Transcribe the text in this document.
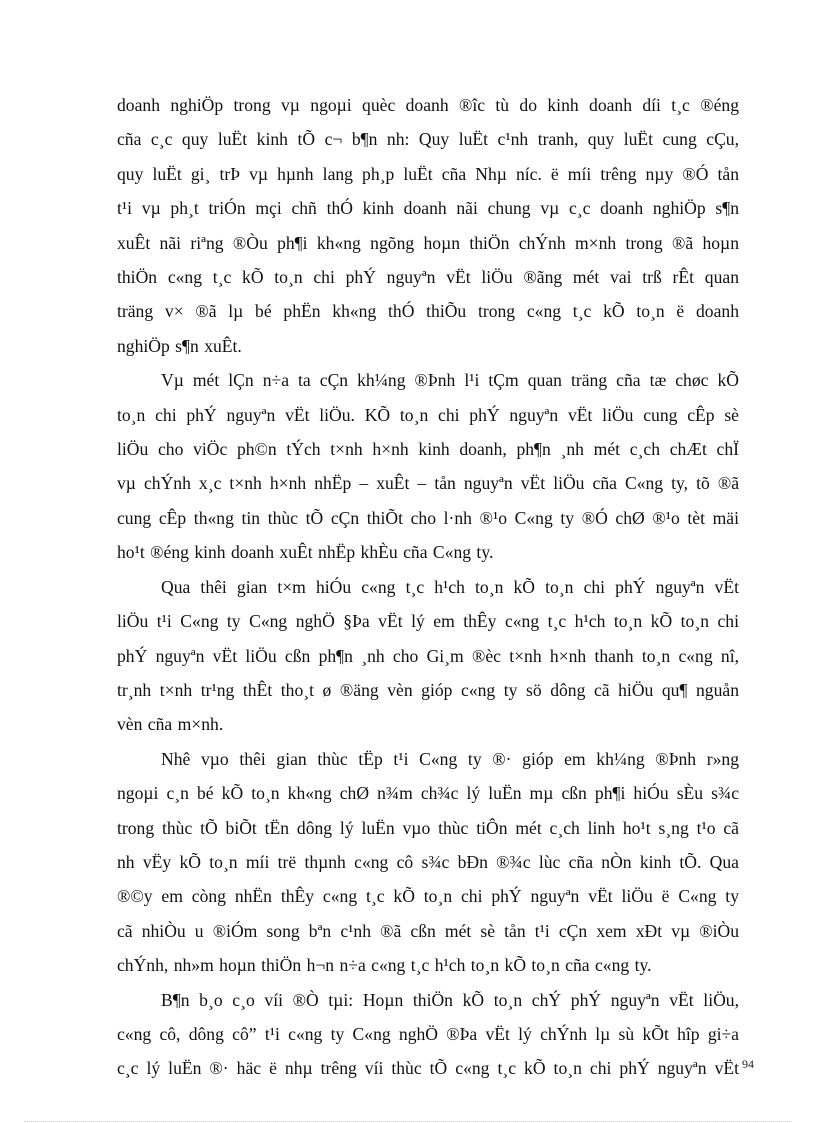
doanh nghiÖp trong vµ ngoµi quèc doanh ®îc tù do kinh doanh díi t¸c ®éng
cña c¸c quy luËt kinh tÕ c¬ b¶n nh: Quy luËt c¹nh tranh, quy luËt cung cÇu,
quy luËt gi¸ trÞ vµ hµnh lang ph¸p luËt cña Nhµ níc. ë míi trêng nµy ®Ó tån
t¹i vµ ph¸t triÓn mçi chñ thÓ kinh doanh nãi chung vµ c¸c doanh nghiÖp s¶n
xuÊt nãi riªng ®Òu ph¶i kh«ng ngõng hoµn thiÖn chÝnh m×nh trong ®ã hoµn
thiÖn c«ng t¸c kÕ to¸n chi phÝ nguyªn vËt liÖu ®ãng mét vai trß rÊt quan
träng v× ®ã lµ bé phËn kh«ng thÓ thiÕu trong c«ng t¸c kÕ to¸n ë doanh
nghiÖp s¶n xuÊt.
Vµ mét lÇn n÷a ta cÇn kh¼ng ®Þnh l¹i tÇm quan träng cña tæ chøc kÕ
to¸n chi phÝ nguyªn vËt liÖu. KÕ to¸n chi phÝ nguyªn vËt liÖu cung cÊp sè
liÖu cho viÖc ph©n tÝch t×nh h×nh kinh doanh, ph¶n ¸nh mét c¸ch chÆt chÏ
vµ chÝnh x¸c t×nh h×nh nhËp – xuÊt – tån nguyªn vËt liÖu cña C«ng ty, tõ ®ã
cung cÊp th«ng tin thùc tÕ cÇn thiÕt cho l·nh ®¹o C«ng ty ®Ó chØ ®¹o tèt mäi
ho¹t ®éng kinh doanh xuÊt nhËp khÈu cña C«ng ty.
Qua thêi gian t×m hiÓu c«ng t¸c h¹ch to¸n kÕ to¸n chi phÝ nguyªn vËt
liÖu t¹i C«ng ty C«ng nghÖ §Þa vËt lý em thÊy c«ng t¸c h¹ch to¸n kÕ to¸n chi
phÝ nguyªn vËt liÖu cßn ph¶n ¸nh cho Gi¸m ®èc t×nh h×nh thanh to¸n c«ng nî,
tr¸nh t×nh tr¹ng thÊt tho¸t ø ®äng vèn gióp c«ng ty sö dông cã hiÖu qu¶ nguån
vèn cña m×nh.
Nhê vµo thêi gian thùc tËp t¹i C«ng ty ®· gióp em kh¼ng ®Þnh r»ng
ngoµi c¸n bé kÕ to¸n kh«ng chØ n¾m ch¾c lý luËn mµ cßn ph¶i hiÓu sÈu s¾c
trong thùc tÕ biÕt tËn dông lý luËn vµo thùc tiÔn mét c¸ch linh ho¹t s¸ng t¹o cã
nh vËy kÕ to¸n míi trë thµnh c«ng cô s¾c bÐn ®¾c lùc cña nÒn kinh tÕ. Qua
®©y em còng nhËn thÊy c«ng t¸c kÕ to¸n chi phÝ nguyªn vËt liÖu ë C«ng ty
cã nhiÒu u ®iÓm song bªn c¹nh ®ã cßn mét sè tån t¹i cÇn xem xÐt vµ ®iÒu
chÝnh, nh»m hoµn thiÖn h¬n n÷a c«ng t¸c h¹ch to¸n kÕ to¸n cña c«ng ty.
B¶n b¸o c¸o víi ®Ò tµi: Hoµn thiÖn kÕ to¸n chÝ phÝ nguyªn vËt liÖu,
c«ng cô, dông cô” t¹i c«ng ty C«ng nghÖ ®Þa vËt lý chÝnh lµ sù kÕt hîp gi÷a
c¸c lý luËn ®· häc ë nhµ trêng víi thùc tÕ c«ng t¸c kÕ to¸n chi phÝ nguyªn vËt 94
